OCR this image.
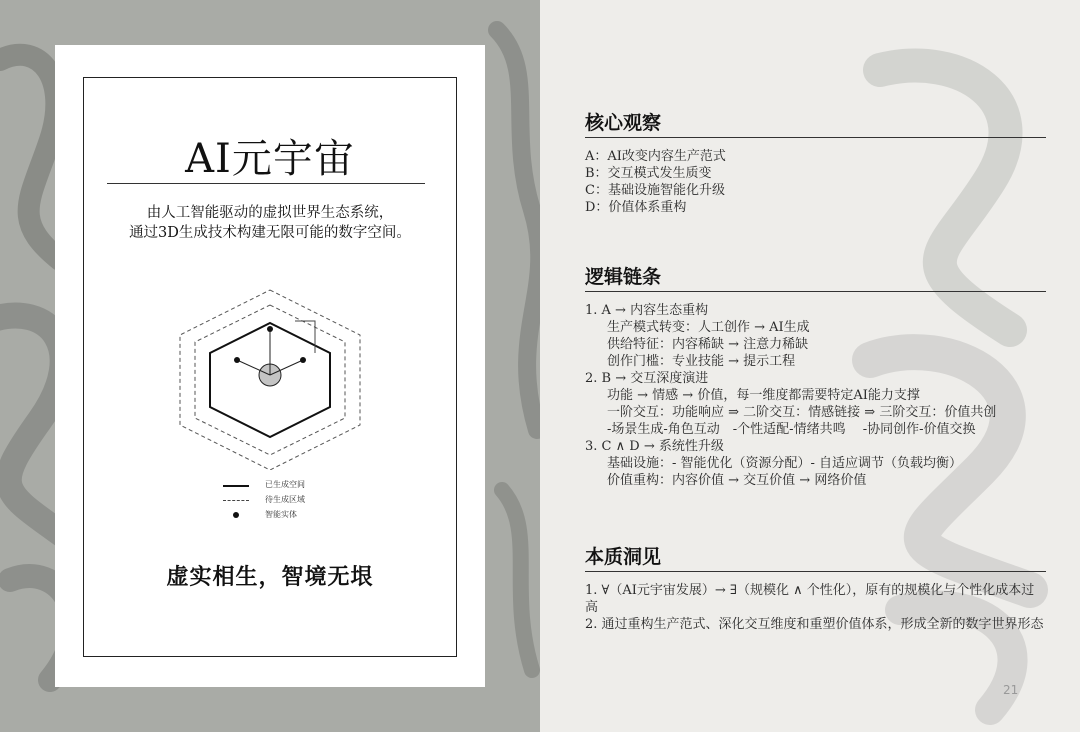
AI元宇宙
由人工智能驱动的虚拟世界生态系统，
通过3D生成技术构建无限可能的数字空间。
已生成空间
待生成区域
智能实体
虚实相生，智境无垠
核心观察
A：AI改变内容生产范式
B：交互模式发生质变
C：基础设施智能化升级
D：价值体系重构
逻辑链条
1. A → 内容生态重构
生产模式转变：人工创作 → AI生成
供给特征：内容稀缺 → 注意力稀缺
创作门槛：专业技能 → 提示工程
2. B → 交互深度演进
功能 → 情感 → 价值，每一维度都需要特定AI能力支撑
一阶交互：功能响应 ⇒ 二阶交互：情感链接 ⇒ 三阶交互：价值共创
-场景生成-角色互动　-个性适配-情绪共鸣　 -协同创作-价值交换
3. C ∧ D → 系统性升级
基础设施：- 智能优化（资源分配）- 自适应调节（负载均衡）
价值重构：内容价值 → 交互价值 → 网络价值
本质洞见
1. ∀（AI元宇宙发展）→ ∃（规模化 ∧ 个性化），原有的规模化与个性化成本过高
2. 通过重构生产范式、深化交互维度和重塑价值体系，形成全新的数字世界形态
21
